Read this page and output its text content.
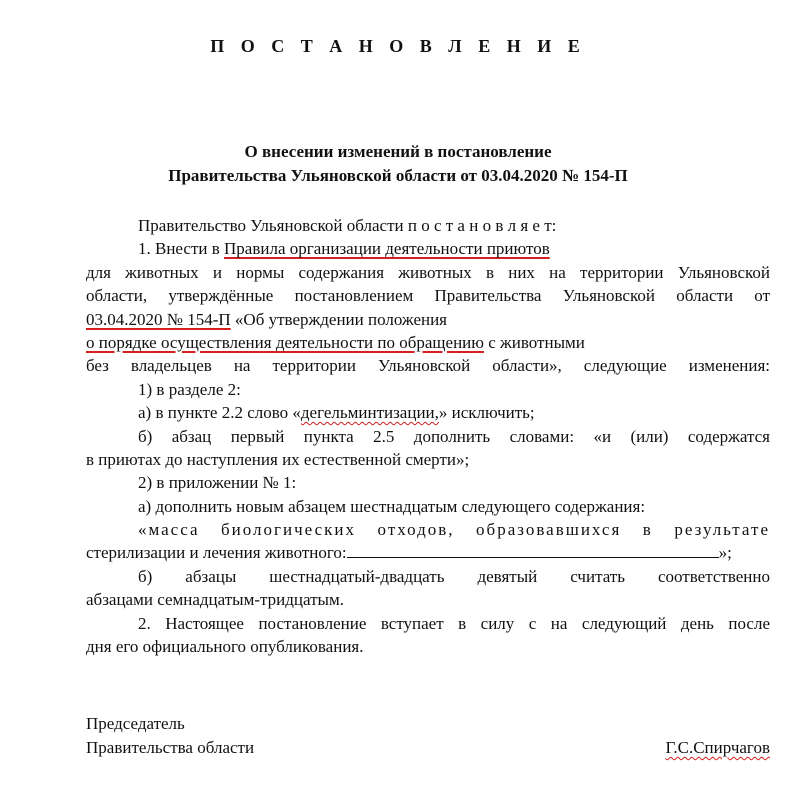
П О С Т А Н О В Л Е Н И Е
О внесении изменений в постановление
Правительства Ульяновской области от 03.04.2020 № 154-П
Правительство Ульяновской области п о с т а н о в л я е т:
1. Внести в Правила организации деятельности приютов
для животных и нормы содержания животных в них на территории Ульяновской
области, утверждённые постановлением Правительства Ульяновской области от
03.04.2020 № 154-П «Об утверждении положения
о порядке осуществления деятельности по обращению с животными
без владельцев на территории Ульяновской области», следующие изменения:
1) в разделе 2:
а) в пункте 2.2 слово «дегельминтизации,» исключить;
б) абзац первый пункта 2.5 дополнить словами: «и (или) содержатся
в приютах до наступления их естественной смерти»;
2) в приложении № 1:
а) дополнить новым абзацем шестнадцатым следующего содержания:
«масса биологических отходов, образовавшихся в результате
стерилизации и лечения животного:	»;
б) абзацы шестнадцатый-двадцать девятый считать соответственно
абзацами семнадцатым-тридцатым.
2. Настоящее постановление вступает в силу с на следующий день после
дня его официального опубликования.
Председатель
Правительства области	Г.С.Спирчагов
